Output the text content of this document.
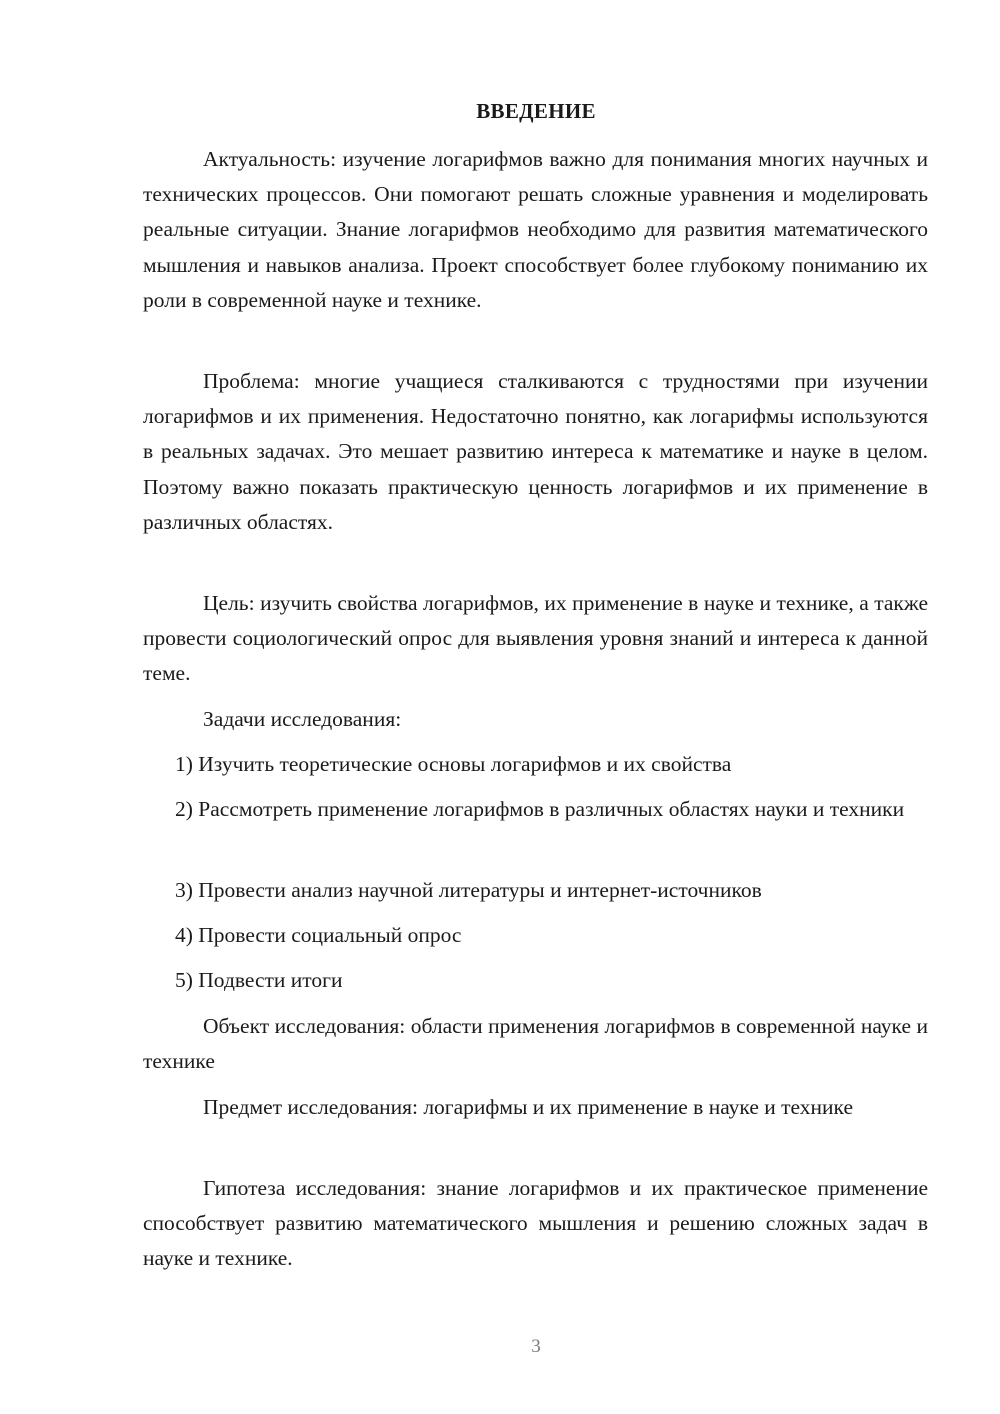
ВВЕДЕНИЕ

Актуальность: изучение логарифмов важно для понимания многих научных и технических процессов. Они помогают решать сложные уравнения и моделировать реальные ситуации. Знание логарифмов необходимо для развития математического мышления и навыков анализа. Проект способствует более глубокому пониманию их роли в современной науке и технике.

Проблема: многие учащиеся сталкиваются с трудностями при изучении логарифмов и их применения. Недостаточно понятно, как логарифмы используются в реальных задачах. Это мешает развитию интереса к математике и науке в целом. Поэтому важно показать практическую ценность логарифмов и их применение в различных областях.

Цель: изучить свойства логарифмов, их применение в науке и технике, а также провести социологический опрос для выявления уровня знаний и интереса к данной теме.

Задачи исследования:

1) Изучить теоретические основы логарифмов и их свойства

2) Рассмотреть применение логарифмов в различных областях науки и техники

3) Провести анализ научной литературы и интернет-источников

4) Провести социальный опрос

5) Подвести итоги

Объект исследования: области применения логарифмов в современной науке и технике

Предмет исследования: логарифмы и их применение в науке и технике

Гипотеза исследования: знание логарифмов и их практическое применение способствует развитию математического мышления и решению сложных задач в науке и технике.

3
